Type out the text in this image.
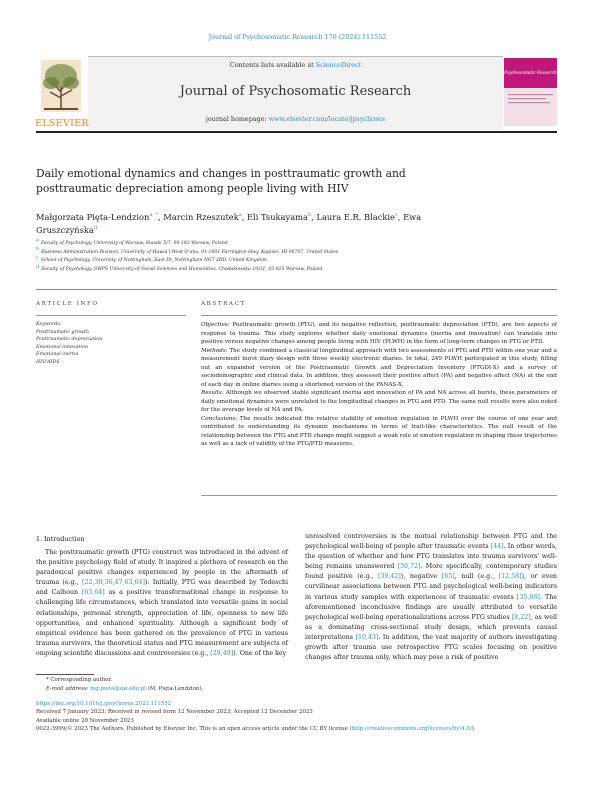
Journal of Psychosomatic Research 176 (2024) 111552
Contents lists available at ScienceDirect
Journal of Psychosomatic Research
journal homepage: www.elsevier.com/locate/jpsychores
ELSEVIER
Psychosomatic Research
Daily emotional dynamics and changes in posttraumatic growth and posttraumatic depreciation among people living with HIV
Małgorzata Pięta-Lendzion$^{a, *}$, Marcin Rzeszutek$^a$, Eli Tsukayama$^b$, Laura E.R. Blackie$^c$, Ewa Gruszczyńska$^d$
$^a$Faculty of Psychology, University of Warsaw, Stawki 5/7, 00-183 Warsaw, Poland
$^b$Business Administration Division, University of Hawaiʻi-West Oʻahu, 91-1001 Farrington Hwy, Kapolei, HI 96707, United States
$^c$School of Psychology, University of Nottingham, East Dr, Nottingham NG7 2RD, United Kingdom
$^d$Faculty of Psychology, SWPS University of Social Sciences and Humanities, Chodakowska 19/31, 03-815 Warsaw, Poland
ARTICLE INFO	ABSTRACT
Keywords:
Posttraumatic growth
Posttraumatic depreciation
Emotional innovation
Emotional inertia
HIV/AIDS

Objective: Posttraumatic growth (PTG), and its negative reflection, posttraumatic depreciation (PTD), are two aspects of response to trauma. This study explores whether daily emotional dynamics (inertia and innovation) can translate into positive versus negative changes among people living with HIV (PLWH) in the form of long-term changes in PTG or PTD.

Methods: The study combined a classical longitudinal approach with two assessments of PTG and PTD within one year and a measurement burst diary design with three weekly electronic diaries. In total, 249 PLWH participated in this study, filling out an expanded version of the Posttraumatic Growth and Depreciation Inventory (PTGDI-X) and a survey of sociodemographic and clinical data. In addition, they assessed their positive affect (PA) and negative affect (NA) at the end of each day in online diaries using a shortened version of the PANAS-X.

Results: Although we observed stable significant inertia and innovation of PA and NA across all bursts, these parameters of daily emotional dynamics were unrelated to the longitudinal changes in PTG and PTD. The same null results were also noted for the average levels of NA and PA.

Conclusions: The results indicated the relative stability of emotion regulation in PLWH over the course of one year and contributed to understanding its dynamic mechanisms in terms of trait-like characteristics. The null result of the relationship between the PTG and PTD change might suggest a weak role of emotion regulation in shaping these trajectories as well as a lack of validity of the PTG/PTD measures.

1. Introduction

The posttraumatic growth (PTG) construct was introduced in the advent of the positive psychology field of study. It inspired a plethora of research on the paradoxical positive changes experienced by people in the aftermath of trauma (e.g., [22,30,36,47,63,64]). Initially, PTG was described by Tedeschi and Calhoun [63,64] as a positive transformational change in response to challenging life circumstances, which translated into versatile gains in social relationships, personal strength, appreciation of life, openness to new life opportunities, and enhanced spirituality. Although a significant body of empirical evidence has been gathered on the prevalence of PTG in various trauma survivors, the theoretical status and PTG measurement are subjects of ongoing scientific discussions and controversies (e.g., [29,49]). One of the key

unresolved controversies is the mutual relationship between PTG and the psychological well-being of people after traumatic events [44]. In other words, the question of whether and how PTG translates into trauma survivors' well-being remains unanswered [30,72]. More specifically, contemporary studies found positive (e.g., [39,42]), negative [65], null (e.g., [12,58]), or even curvilinear associations between PTG and psychological well-being indicators in various study samples with experiences of traumatic events [35,66]. The aforementioned inconclusive findings are usually attributed to versatile psychological well-being operationalizations across PTG studies [8,22], as well as a dominating cross-sectional study design, which prevents causal interpretations [10,43]. In addition, the vast majority of authors investigating growth after trauma use retrospective PTG scales focusing on positive changes after trauma only, which may pose a risk of positive

* Corresponding author.
E-mail address: mg.pieta@uw.edu.pl (M. Pięta-Lendzion).
https://doi.org/10.1016/j.jpsychores.2023.111552
Received 7 January 2023; Received in revised form 12 November 2023; Accepted 12 December 2023
Available online 20 November 2023
0022-3999/© 2023 The Authors. Published by Elsevier Inc. This is an open access article under the CC BY license (http://creativecommons.org/licenses/by/4.0/).
